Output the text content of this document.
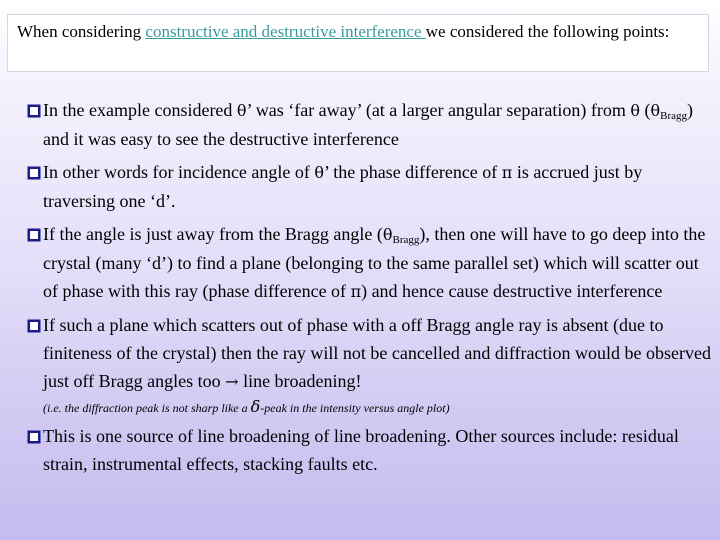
When considering constructive and destructive interference we considered the following points:
In the example considered θ’ was ‘far away’ (at a larger angular separation) from θ $(\theta_{Bragg})$ and it was easy to see the destructive interference
In other words for incidence angle of θ’ the phase difference of π is accrued just by traversing one ‘d’.
If the angle is just away from the Bragg angle $(\theta_{Bragg})$, then one will have to go deep into the crystal (many ‘d’) to find a plane (belonging to the same parallel set) which will scatter out of phase with this ray (phase difference of π) and hence cause destructive interference
If such a plane which scatters out of phase with a off Bragg angle ray is absent (due to finiteness of the crystal) then the ray will not be cancelled and diffraction would be observed just off Bragg angles too → line broadening!
(i.e. the diffraction peak is not sharp like a δ-peak in the intensity versus angle plot)
This is one source of line broadening of line broadening. Other sources include: residual strain, instrumental effects, stacking faults etc.
